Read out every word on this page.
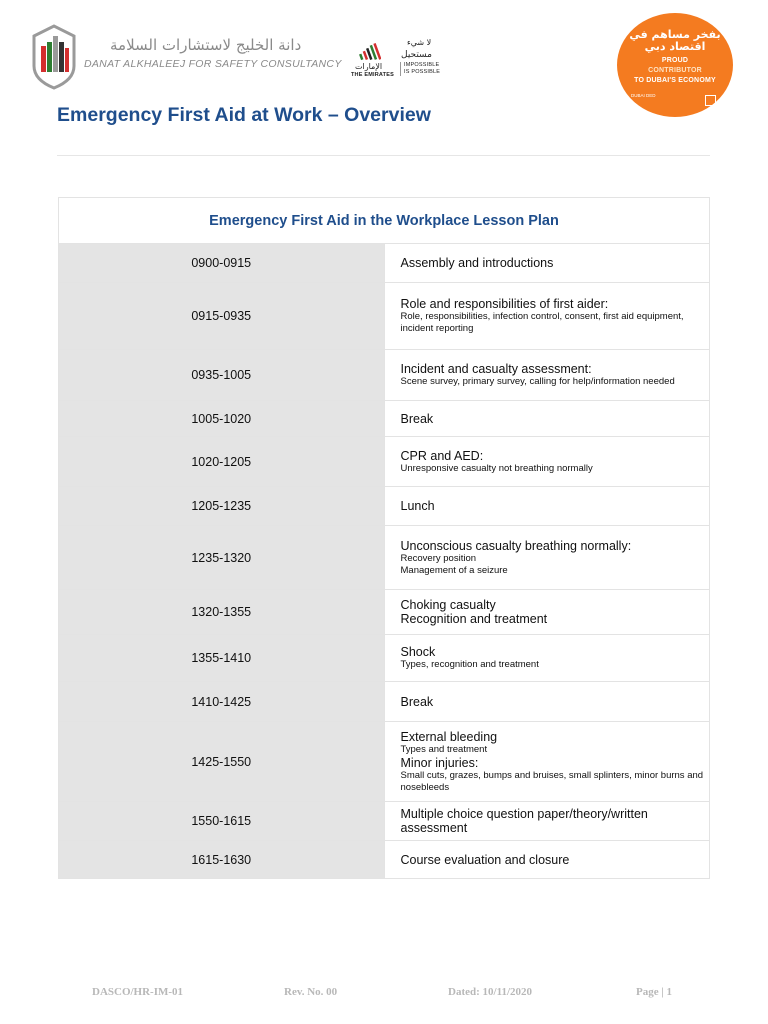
دانة الخليج لاستشارات السلامة
DANAT ALKHALEEJ FOR SAFETY CONSULTANCY
لا شيء
مستحيل
الإمارات
THE EMIRATES
IMPOSSIBLE
IS POSSIBLE
بفخر مساهم في اقتصاد دبي
PROUD
CONTRIBUTOR
TO DUBAI'S ECONOMY
DUBAI DED
Emergency First Aid at Work – Overview
Emergency First Aid in the Workplace Lesson Plan	
0900-0915	Assembly and introductions

0915-0935	Role and responsibilities of first aider:
Role, responsibilities, infection control, consent, first aid equipment, incident reporting

0935-1005	Incident and casualty assessment:
Scene survey, primary survey, calling for help/information needed

1005-1020	Break

1020-1205	CPR and AED:
Unresponsive casualty not breathing normally

1205-1235	Lunch

1235-1320	Unconscious casualty breathing normally:
Recovery position
Management of a seizure

1320-1355	Choking casualty
Recognition and treatment

1355-1410	Shock
Types, recognition and treatment

1410-1425	Break

1425-1550	External bleeding
Types and treatment
Minor injuries:
Small cuts, grazes, bumps and bruises, small splinters, minor burns and nosebleeds

1550-1615	Multiple choice question paper/theory/written assessment

1615-1630	Course evaluation and closure
DASCO/HR-IM-01	Rev. No. 00	Dated: 10/11/2020	Page | 1
